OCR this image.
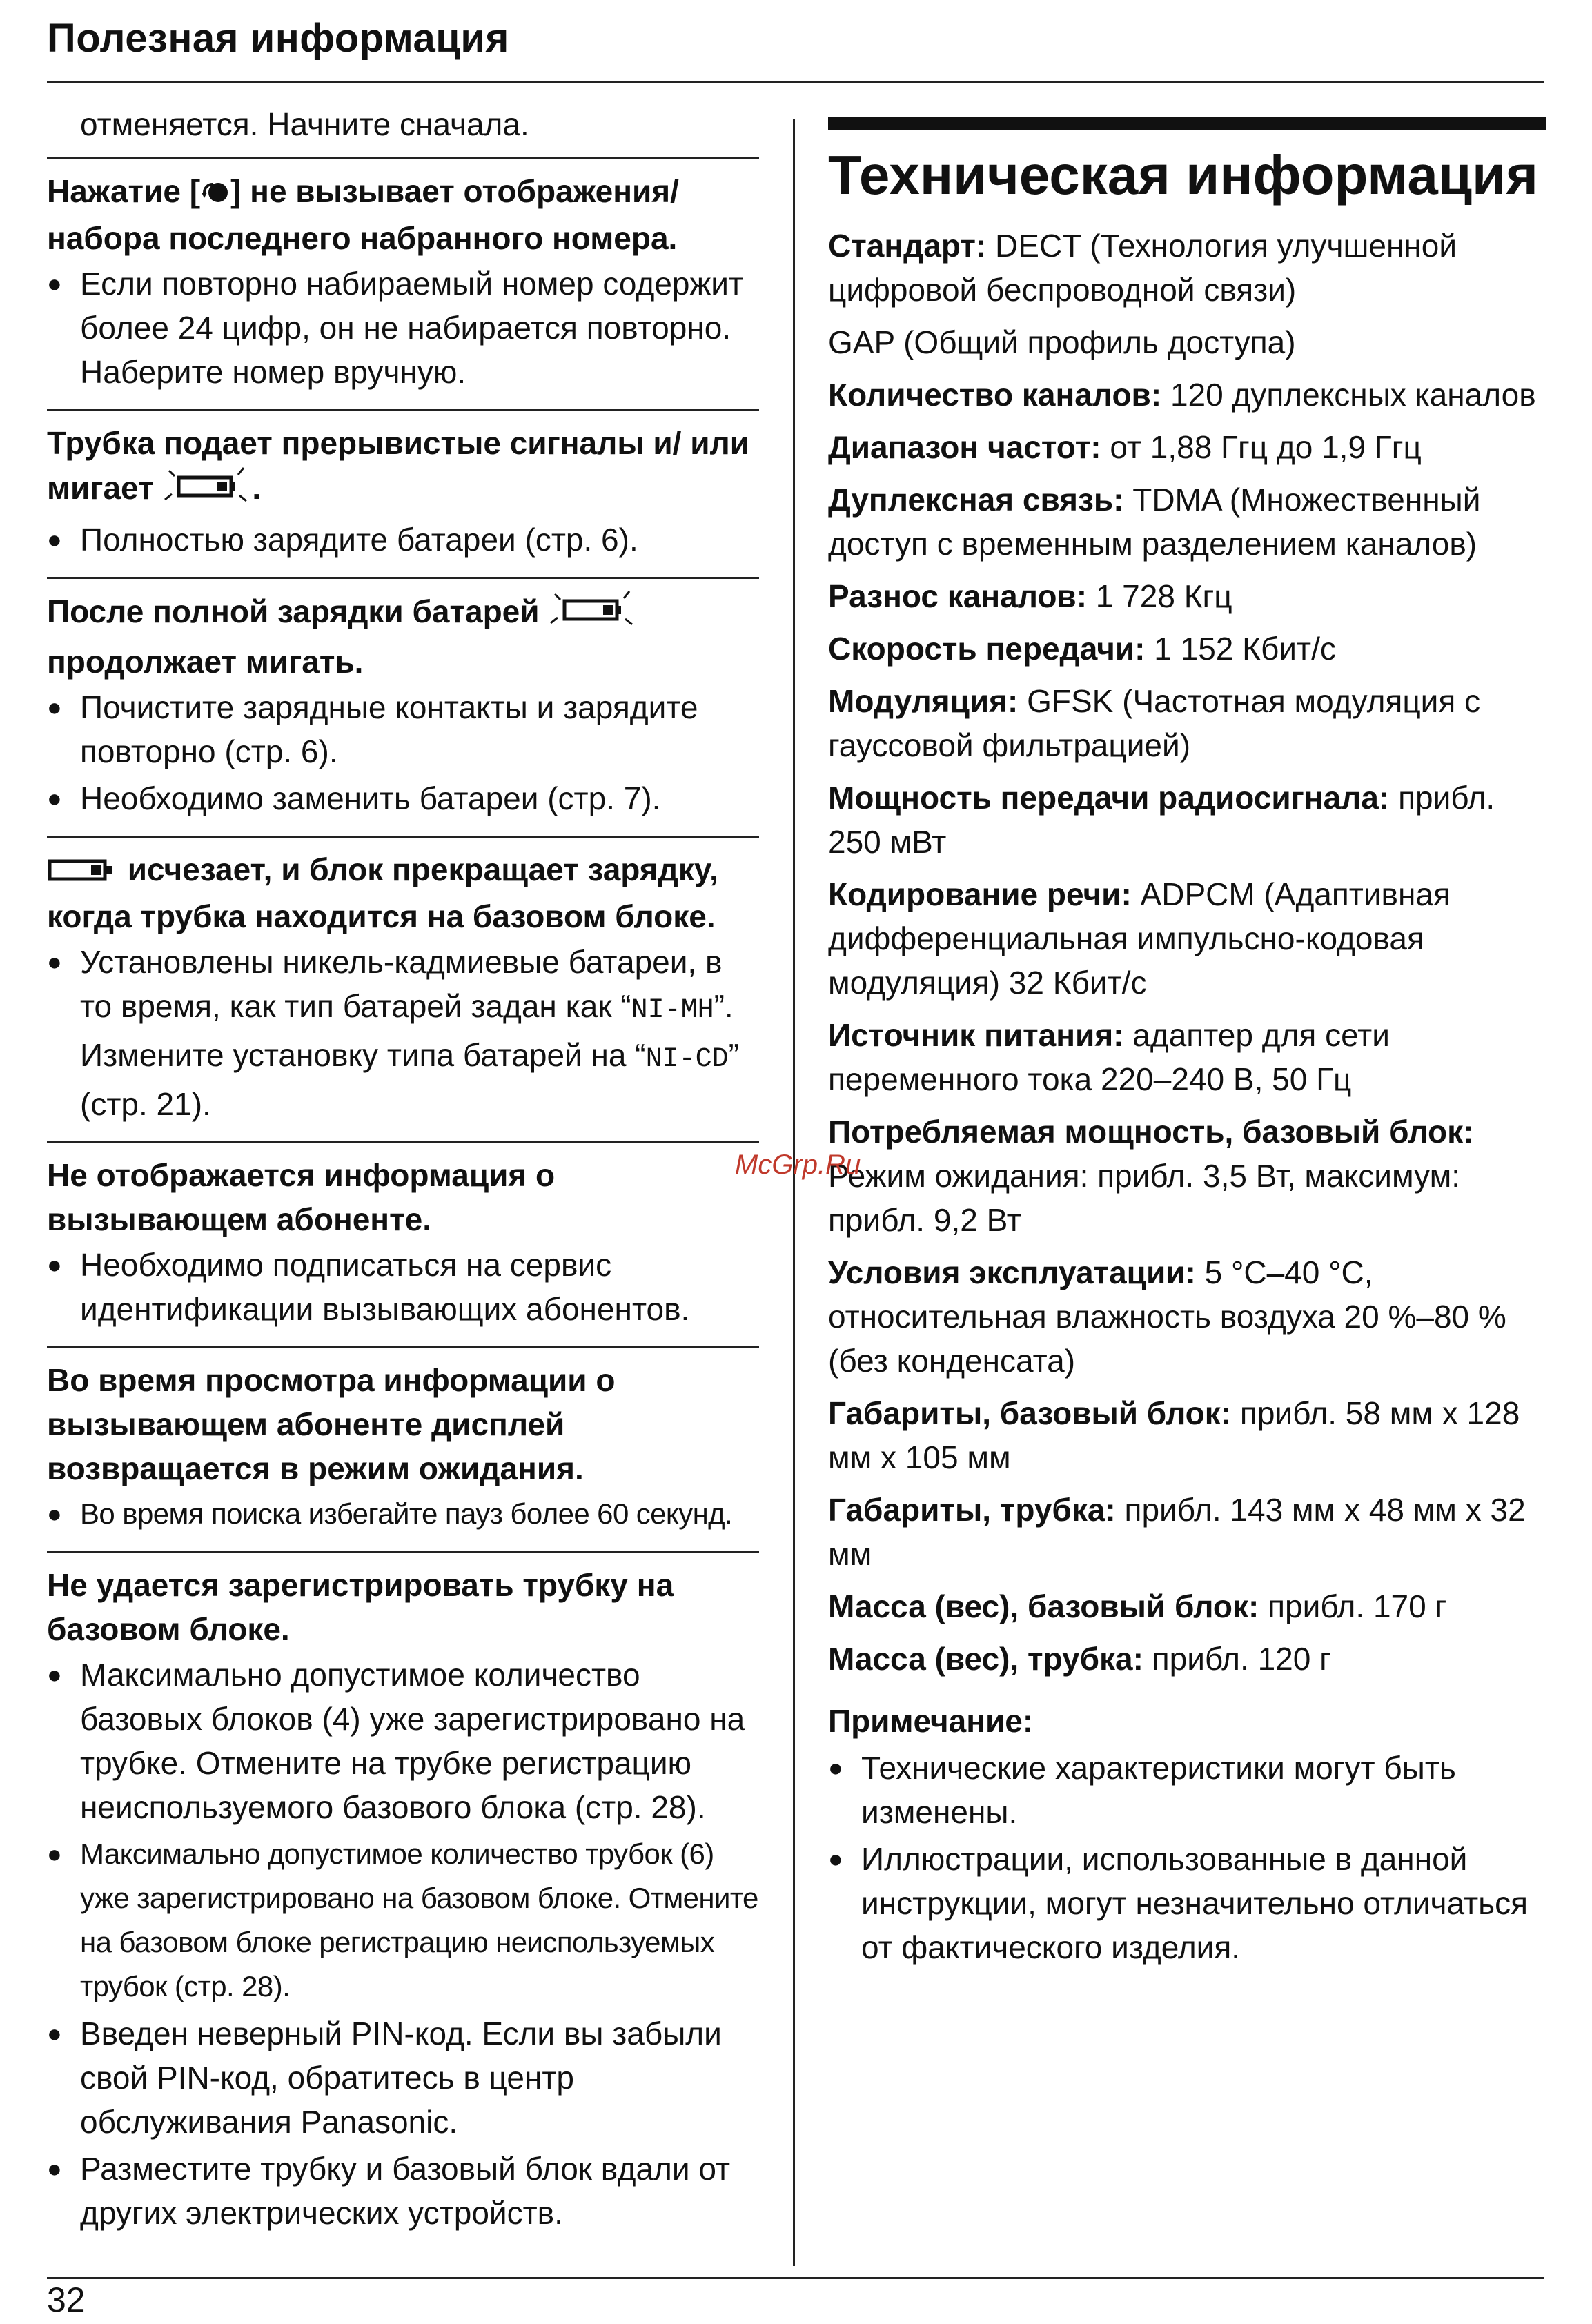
Полезная информация

отменяется. Начните сначала.

Нажатие [ ] не вызывает отображения/ набора последнего набранного номера.

● Если повторно набираемый номер содержит более 24 цифр, он не набирается повторно. Наберите номер вручную.

Трубка подает прерывистые сигналы и/ или мигает	.

● Полностью зарядите батареи (стр. 6).

После полной зарядки батарей
продолжает мигать.

● Почистите зарядные контакты и зарядите повторно (стр. 6).
● Необходимо заменить батареи (стр. 7).

исчезает, и блок прекращает зарядку, когда трубка находится на базовом блоке.

● Установлены никель-кадмиевые батареи, в то время, как тип батарей задан как “NI-MH”. Измените установку типа батарей на “NI-CD” (стр. 21).

Не отображается информация о вызывающем абоненте.

● Необходимо подписаться на сервис идентификации вызывающих абонентов.

Во время просмотра информации о вызывающем абоненте дисплей возвращается в режим ожидания.

● Во время поиска избегайте пауз более 60 секунд.

Не удается зарегистрировать трубку на базовом блоке.

● Максимально допустимое количество базовых блоков (4) уже зарегистрировано на трубке. Отмените на трубке регистрацию неиспользуемого базового блока (стр. 28).
● Максимально допустимое количество трубок (6) уже зарегистрировано на базовом блоке. Отмените на базовом блоке регистрацию неиспользуемых трубок (стр. 28).
● Введен неверный PIN-код. Если вы забыли свой PIN-код, обратитесь в центр обслуживания Panasonic.
● Разместите трубку и базовый блок вдали от других электрических устройств.
Техническая информация

Стандарт: DECT (Технология улучшенной цифровой беспроводной связи)

GAP (Общий профиль доступа)

Количество каналов: 120 дуплексных каналов

Диапазон частот: от 1,88 Ггц до 1,9 Ггц

Дуплексная связь: TDMA (Множественный доступ с временным разделением каналов)

Разнос каналов: 1 728 Кгц

Скорость передачи: 1 152 Кбит/с

Модуляция: GFSK (Частотная модуляция с гауссовой фильтрацией)

Мощность передачи радиосигнала: прибл. 250 мВт

Кодирование речи: ADPCM (Адаптивная дифференциальная импульсно-кодовая модуляция) 32 Кбит/с

Источник питания: адаптер для сети переменного тока 220–240 В, 50 Гц

Потребляемая мощность, базовый блок: Режим ожидания: прибл. 3,5 Вт, максимум: прибл. 9,2 Вт

Условия эксплуатации: 5 °C–40 °C, относительная влажность воздуха 20 %–80 % (без конденсата)

Габариты, базовый блок: прибл. 58 мм x 128 мм x 105 мм

Габариты, трубка: прибл. 143 мм x 48 мм x 32 мм

Масса (вес), базовый блок: прибл. 170 г

Масса (вес), трубка: прибл. 120 г

Примечание:

● Технические характеристики могут быть изменены.
● Иллюстрации, использованные в данной инструкции, могут незначительно отличаться от фактического изделия.
McGrp.Ru
32
